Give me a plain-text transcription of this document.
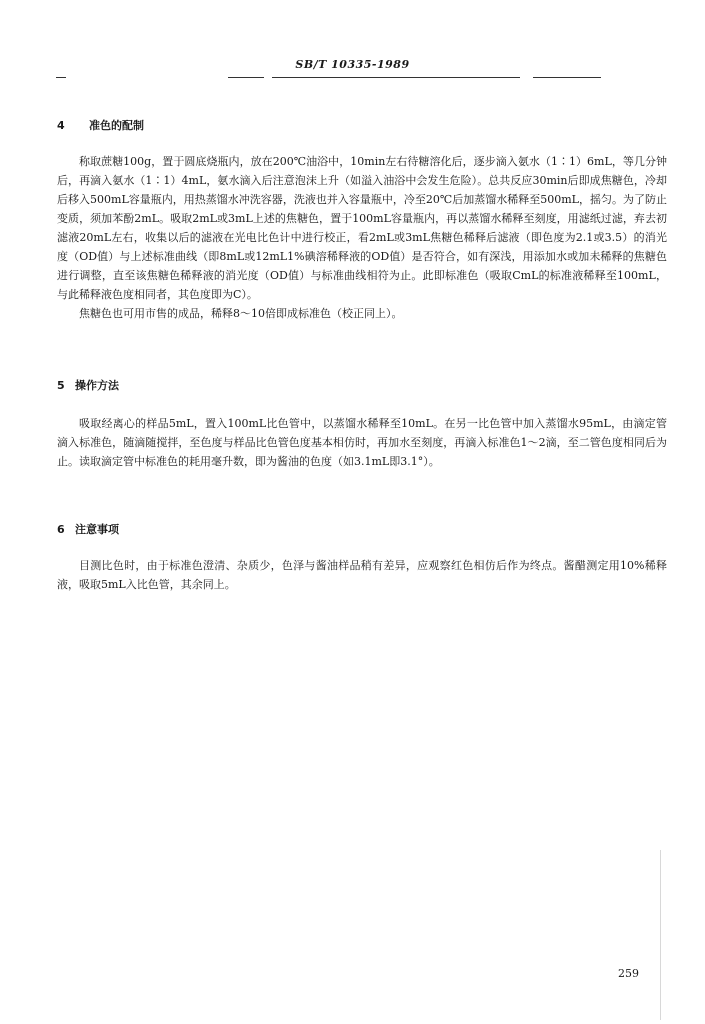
SB/T 10335-1989
4 准色的配制

称取蔗糖100g，置于圆底烧瓶内，放在200℃油浴中，10min左右待糖溶化后，逐步滴入氨水（1∶1）6mL，等几分钟后，再滴入氨水（1∶1）4mL，氨水滴入后注意泡沫上升（如溢入油浴中会发生危险）。总共反应30min后即成焦糖色，冷却后移入500mL容量瓶内，用热蒸馏水冲洗容器，洗液也并入容量瓶中，冷至20℃后加蒸馏水稀释至500mL，摇匀。为了防止变质，须加苯酚2mL。吸取2mL或3mL上述的焦糖色，置于100mL容量瓶内，再以蒸馏水稀释至刻度，用滤纸过滤，弃去初滤液20mL左右，收集以后的滤液在光电比色计中进行校正，看2mL或3mL焦糖色稀释后滤液（即色度为2.1或3.5）的消光度（OD值）与上述标准曲线（即8mL或12mL1%碘溶稀释液的OD值）是否符合，如有深浅，用添加水或加未稀释的焦糖色进行调整，直至该焦糖色稀释液的消光度（OD值）与标准曲线相符为止。此即标准色（吸取CmL的标准液稀释至100mL，与此稀释液色度相同者，其色度即为C）。

焦糖色也可用市售的成品，稀释8～10倍即成标准色（校正同上）。

5 操作方法

吸取经离心的样品5mL，置入100mL比色管中，以蒸馏水稀释至10mL。在另一比色管中加入蒸馏水95mL，由滴定管滴入标准色，随滴随搅拌，至色度与样品比色管色度基本相仿时，再加水至刻度，再滴入标准色1～2滴，至二管色度相同后为止。读取滴定管中标准色的耗用毫升数，即为酱油的色度（如3.1mL即3.1°）。

6 注意事项

目测比色时，由于标准色澄清、杂质少，色泽与酱油样品稍有差异，应观察红色相仿后作为终点。酱醋测定用10%稀释液，吸取5mL入比色管，其余同上。

259
